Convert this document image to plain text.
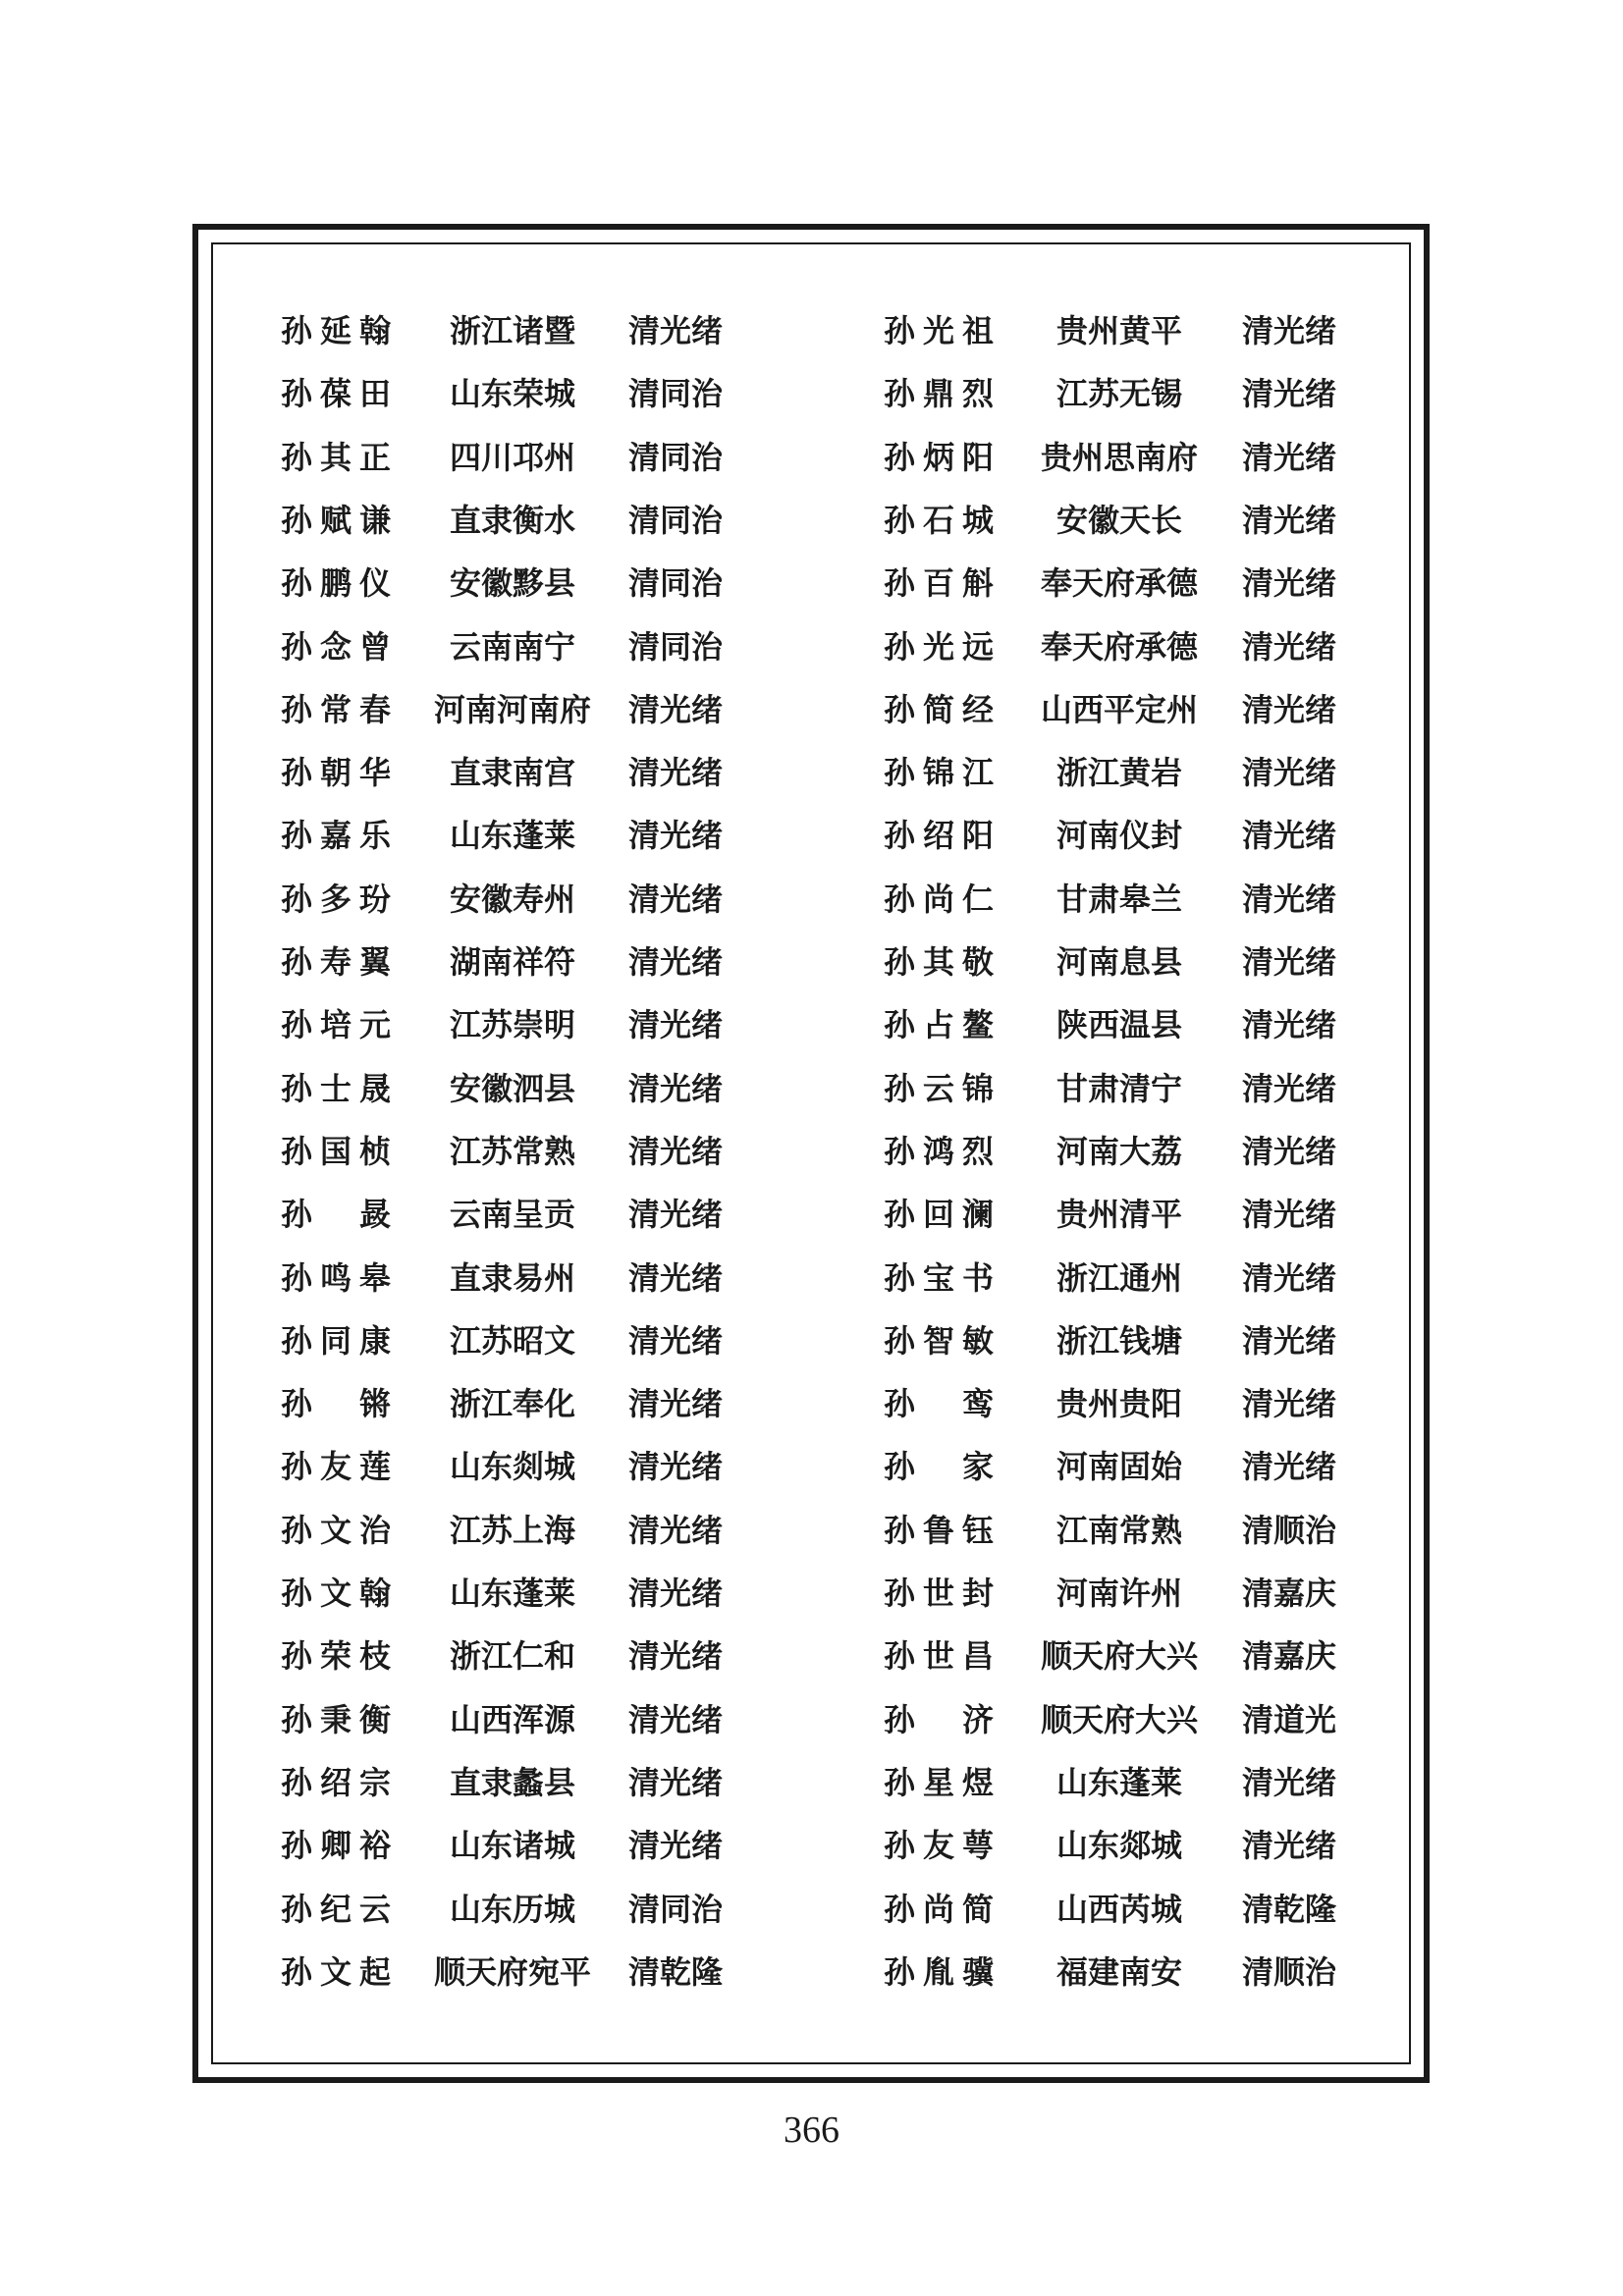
孙延翰	浙江诸暨	清光绪	孙光祖	贵州黄平	清光绪
孙葆田	山东荣城	清同治	孙鼎烈	江苏无锡	清光绪
孙其正	四川邛州	清同治	孙炳阳	贵州思南府	清光绪
孙赋谦	直隶衡水	清同治	孙石城	安徽天长	清光绪
孙鹏仪	安徽黟县	清同治	孙百斛	奉天府承德	清光绪
孙念曾	云南南宁	清同治	孙光远	奉天府承德	清光绪
孙常春	河南河南府	清光绪	孙简经	山西平定州	清光绪
孙朝华	直隶南宫	清光绪	孙锦江	浙江黄岩	清光绪
孙嘉乐	山东蓬莱	清光绪	孙绍阳	河南仪封	清光绪
孙多玢	安徽寿州	清光绪	孙尚仁	甘肃皋兰	清光绪
孙寿翼	湖南祥符	清光绪	孙其敬	河南息县	清光绪
孙培元	江苏崇明	清光绪	孙占鳌	陕西温县	清光绪
孙士晟	安徽泗县	清光绪	孙云锦	甘肃清宁	清光绪
孙国桢	江苏常熟	清光绪	孙鸿烈	河南大荔	清光绪
孙　晸	云南呈贡	清光绪	孙回澜	贵州清平	清光绪
孙鸣皋	直隶易州	清光绪	孙宝书	浙江通州	清光绪
孙同康	江苏昭文	清光绪	孙智敏	浙江钱塘	清光绪
孙　锵	浙江奉化	清光绪	孙　鸾	贵州贵阳	清光绪
孙友莲	山东剡城	清光绪	孙　家	河南固始	清光绪
孙文治	江苏上海	清光绪	孙鲁钰	江南常熟	清顺治
孙文翰	山东蓬莱	清光绪	孙世封	河南许州	清嘉庆
孙荣枝	浙江仁和	清光绪	孙世昌	顺天府大兴	清嘉庆
孙秉衡	山西浑源	清光绪	孙　济	顺天府大兴	清道光
孙绍宗	直隶蠡县	清光绪	孙星煜	山东蓬莱	清光绪
孙卿裕	山东诸城	清光绪	孙友萼	山东郯城	清光绪
孙纪云	山东历城	清同治	孙尚简	山西芮城	清乾隆
孙文起	顺天府宛平	清乾隆	孙胤骥	福建南安	清顺治
366
